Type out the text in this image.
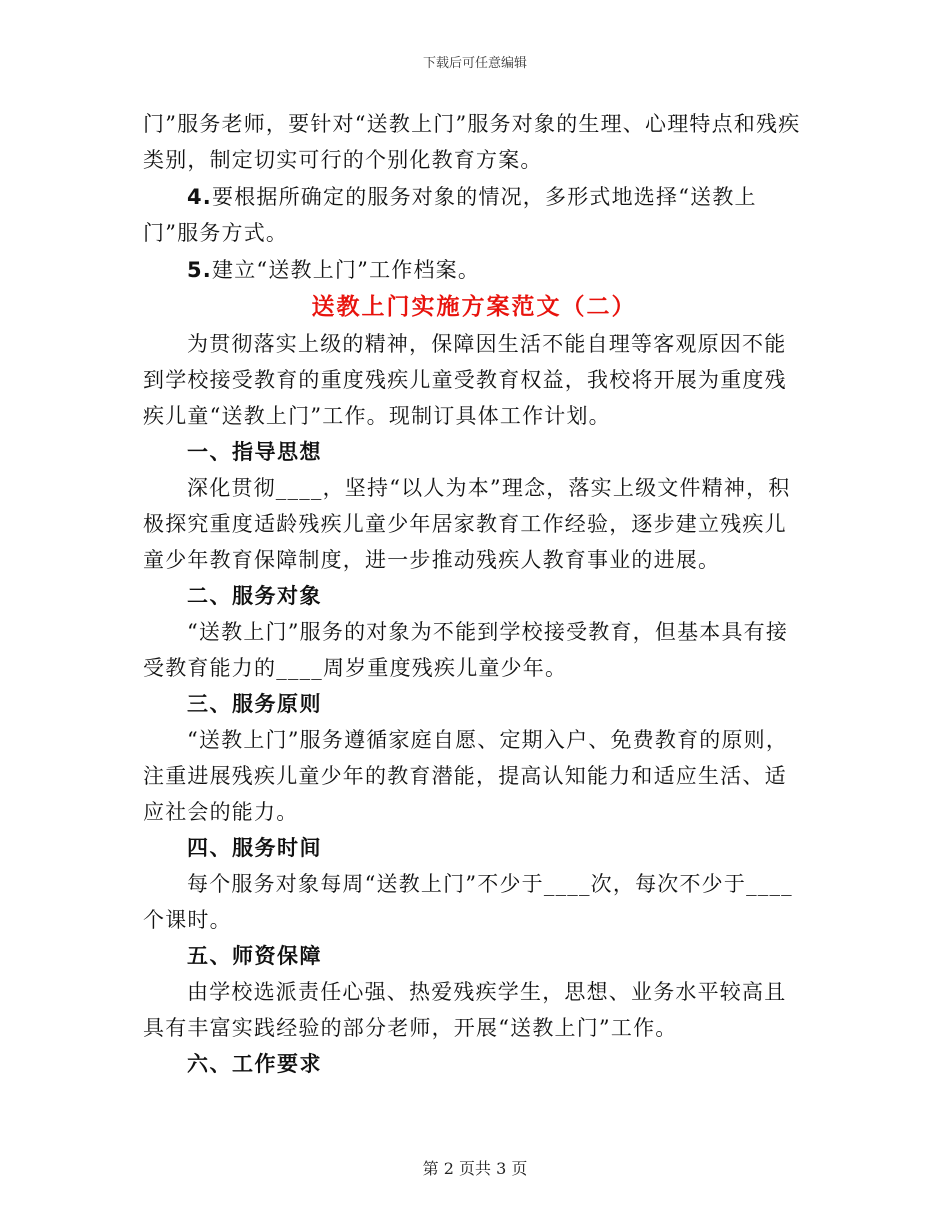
下载后可任意编辑

门”服务老师，要针对“送教上门”服务对象的生理、心理特点和残疾类别，制定切实可行的个别化教育方案。

4.要根据所确定的服务对象的情况，多形式地选择“送教上门”服务方式。

5.建立“送教上门”工作档案。

送教上门实施方案范文（二）

为贯彻落实上级的精神，保障因生活不能自理等客观原因不能到学校接受教育的重度残疾儿童受教育权益，我校将开展为重度残疾儿童“送教上门”工作。现制订具体工作计划。

一、指导思想

深化贯彻____，坚持“以人为本”理念，落实上级文件精神，积极探究重度适龄残疾儿童少年居家教育工作经验，逐步建立残疾儿童少年教育保障制度，进一步推动残疾人教育事业的进展。

二、服务对象

“送教上门”服务的对象为不能到学校接受教育，但基本具有接受教育能力的____周岁重度残疾儿童少年。

三、服务原则

“送教上门”服务遵循家庭自愿、定期入户、免费教育的原则，注重进展残疾儿童少年的教育潜能，提高认知能力和适应生活、适应社会的能力。

四、服务时间

每个服务对象每周“送教上门”不少于____次，每次不少于____个课时。

五、师资保障

由学校选派责任心强、热爱残疾学生，思想、业务水平较高且具有丰富实践经验的部分老师，开展“送教上门”工作。

六、工作要求

第 2 页共 3 页
